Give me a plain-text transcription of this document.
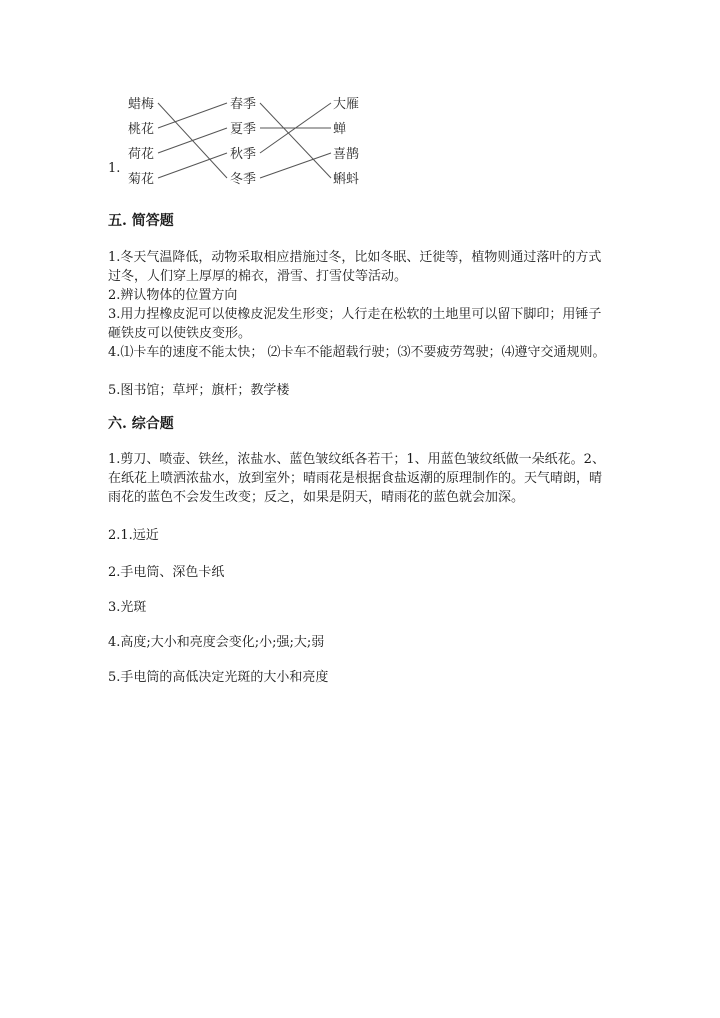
蜡梅
桃花
荷花
菊花
春季
夏季
秋季
冬季
大雁
蝉
喜鹊
蝌蚪
1.
五. 简答题
1.冬天气温降低，动物采取相应措施过冬，比如冬眠、迁徙等，植物则通过落叶的方式过冬，人们穿上厚厚的棉衣，滑雪、打雪仗等活动。
2.辨认物体的位置方向
3.用力捏橡皮泥可以使橡皮泥发生形变；人行走在松软的土地里可以留下脚印；用锤子砸铁皮可以使铁皮变形。
4.⑴卡车的速度不能太快； ⑵卡车不能超载行驶；⑶不要疲劳驾驶；⑷遵守交通规则。
5.图书馆；草坪；旗杆；教学楼
六. 综合题
1.剪刀、喷壶、铁丝，浓盐水、蓝色皱纹纸各若干；1、用蓝色皱纹纸做一朵纸花。2、在纸花上喷洒浓盐水，放到室外；晴雨花是根据食盐返潮的原理制作的。天气晴朗，晴雨花的蓝色不会发生改变；反之，如果是阴天，晴雨花的蓝色就会加深。
2.1.远近
2.手电筒、深色卡纸
3.光斑
4.高度;大小和亮度会变化;小;强;大;弱
5.手电筒的高低决定光斑的大小和亮度
